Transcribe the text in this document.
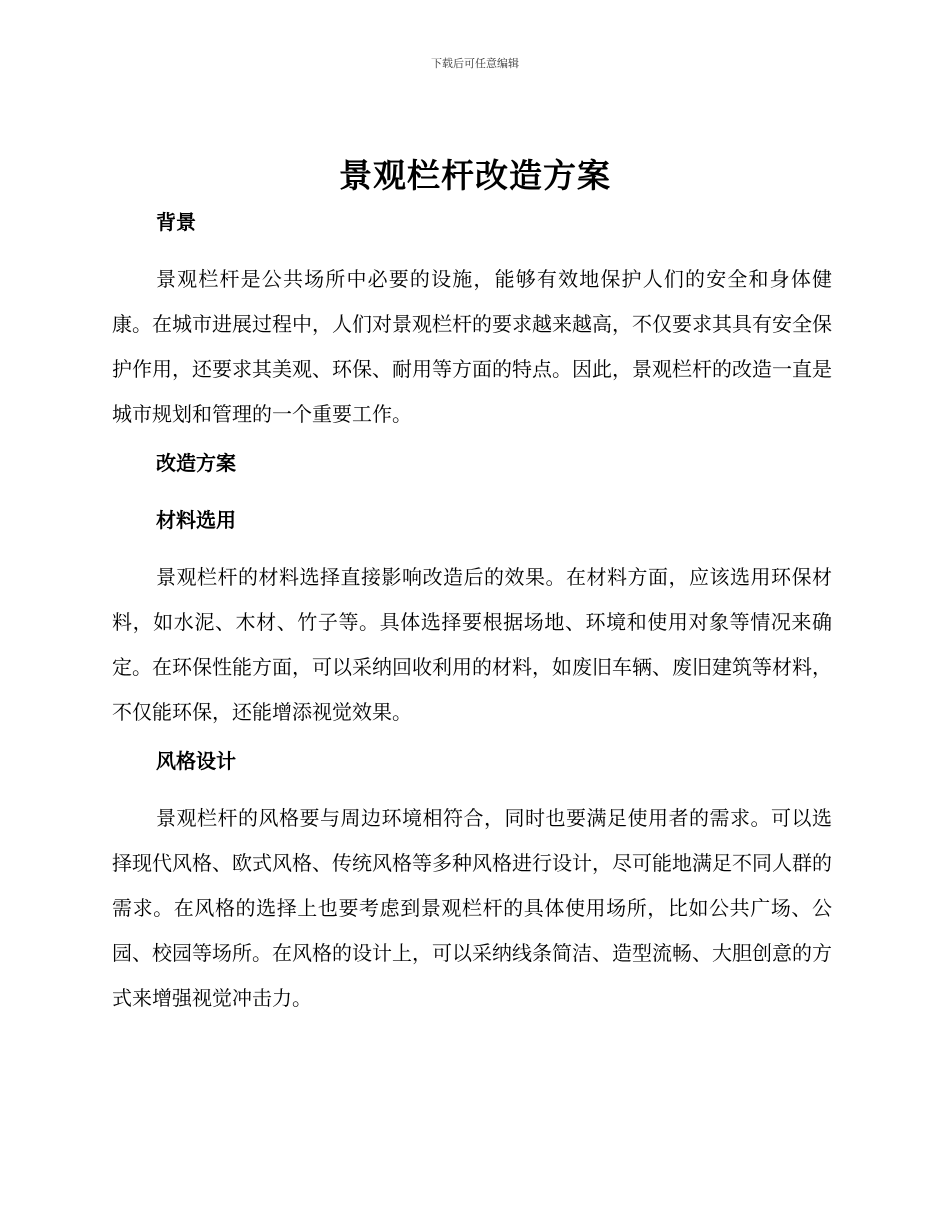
下载后可任意编辑
景观栏杆改造方案
背景

景观栏杆是公共场所中必要的设施，能够有效地保护人们的安全和身体健康。在城市进展过程中，人们对景观栏杆的要求越来越高，不仅要求其具有安全保护作用，还要求其美观、环保、耐用等方面的特点。因此，景观栏杆的改造一直是城市规划和管理的一个重要工作。

改造方案
材料选用

景观栏杆的材料选择直接影响改造后的效果。在材料方面，应该选用环保材料，如水泥、木材、竹子等。具体选择要根据场地、环境和使用对象等情况来确定。在环保性能方面，可以采纳回收利用的材料，如废旧车辆、废旧建筑等材料，不仅能环保，还能增添视觉效果。

风格设计

景观栏杆的风格要与周边环境相符合，同时也要满足使用者的需求。可以选择现代风格、欧式风格、传统风格等多种风格进行设计，尽可能地满足不同人群的需求。在风格的选择上也要考虑到景观栏杆的具体使用场所，比如公共广场、公园、校园等场所。在风格的设计上，可以采纳线条简洁、造型流畅、大胆创意的方式来增强视觉冲击力。
